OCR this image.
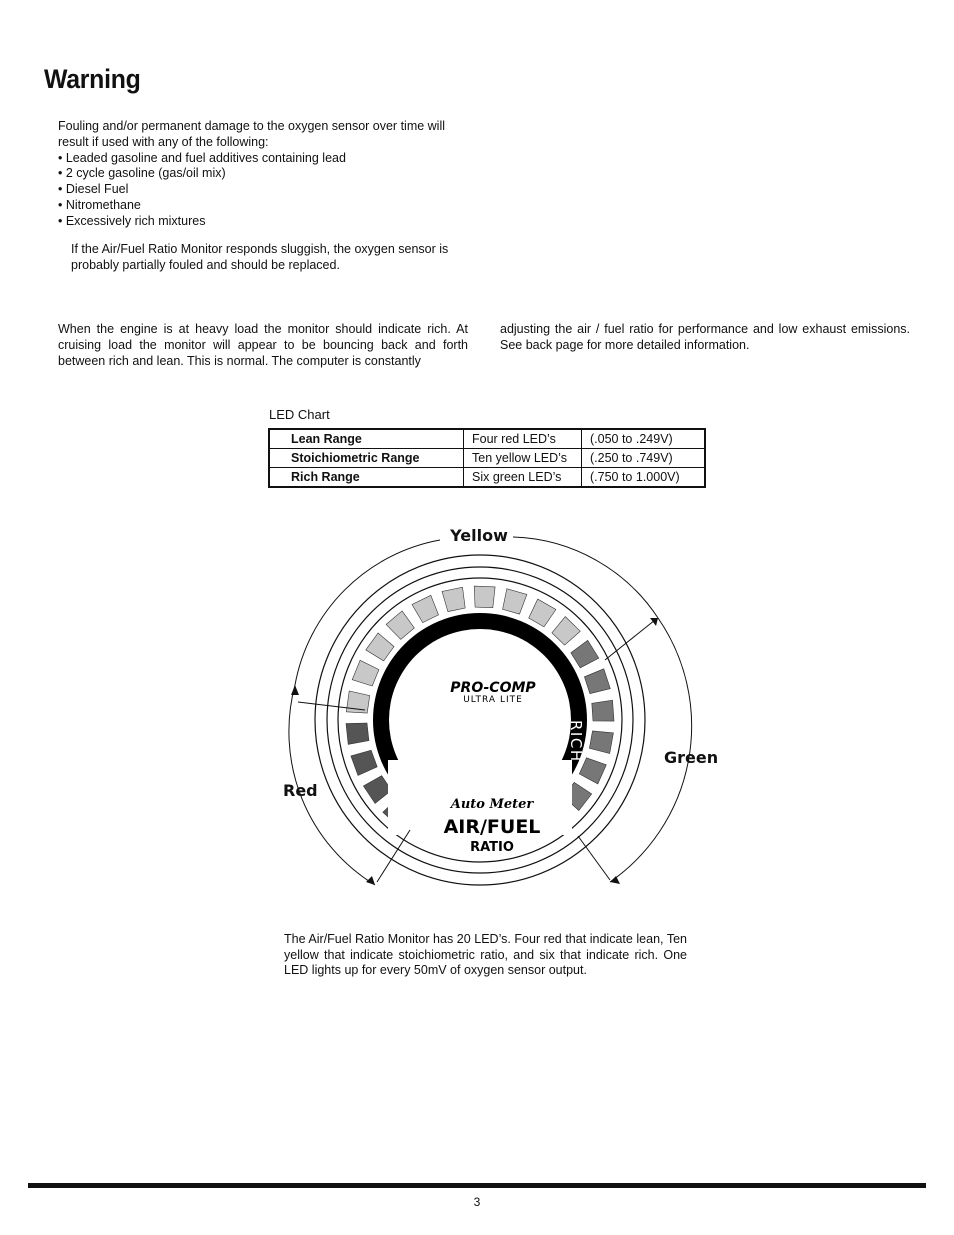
Warning
Fouling and/or permanent damage to the oxygen sensor over time will result if used with any of the following:
• Leaded gasoline and fuel additives containing lead
• 2 cycle gasoline (gas/oil mix)
• Diesel Fuel
• Nitromethane
• Excessively rich mixtures
If the Air/Fuel Ratio Monitor responds sluggish, the oxygen sensor is probably partially fouled and should be replaced.
When the engine is at heavy load the monitor should indicate rich. At cruising load the monitor will appear to be bouncing back and forth between rich and lean. This is normal. The computer is constantly
adjusting the air / fuel ratio for performance and low exhaust emissions. See back page for more detailed information.
LED Chart
Lean Range	Four red LED’s	(.050 to .249V)
Stoichiometric Range	Ten yellow LED’s	(.250 to .749V)
Rich Range	Six green LED’s	(.750 to 1.000V)
STOICH.
LEAN	RICH
PRO-COMP
ULTRA LITE
Auto Meter
AIR/FUEL
RATIO
Yellow
Green
Red
The Air/Fuel Ratio Monitor has 20 LED’s. Four red that indicate lean, Ten yellow that indicate stoichiometric ratio, and six that indicate rich. One LED lights up for every 50mV of oxygen sensor output.
3
